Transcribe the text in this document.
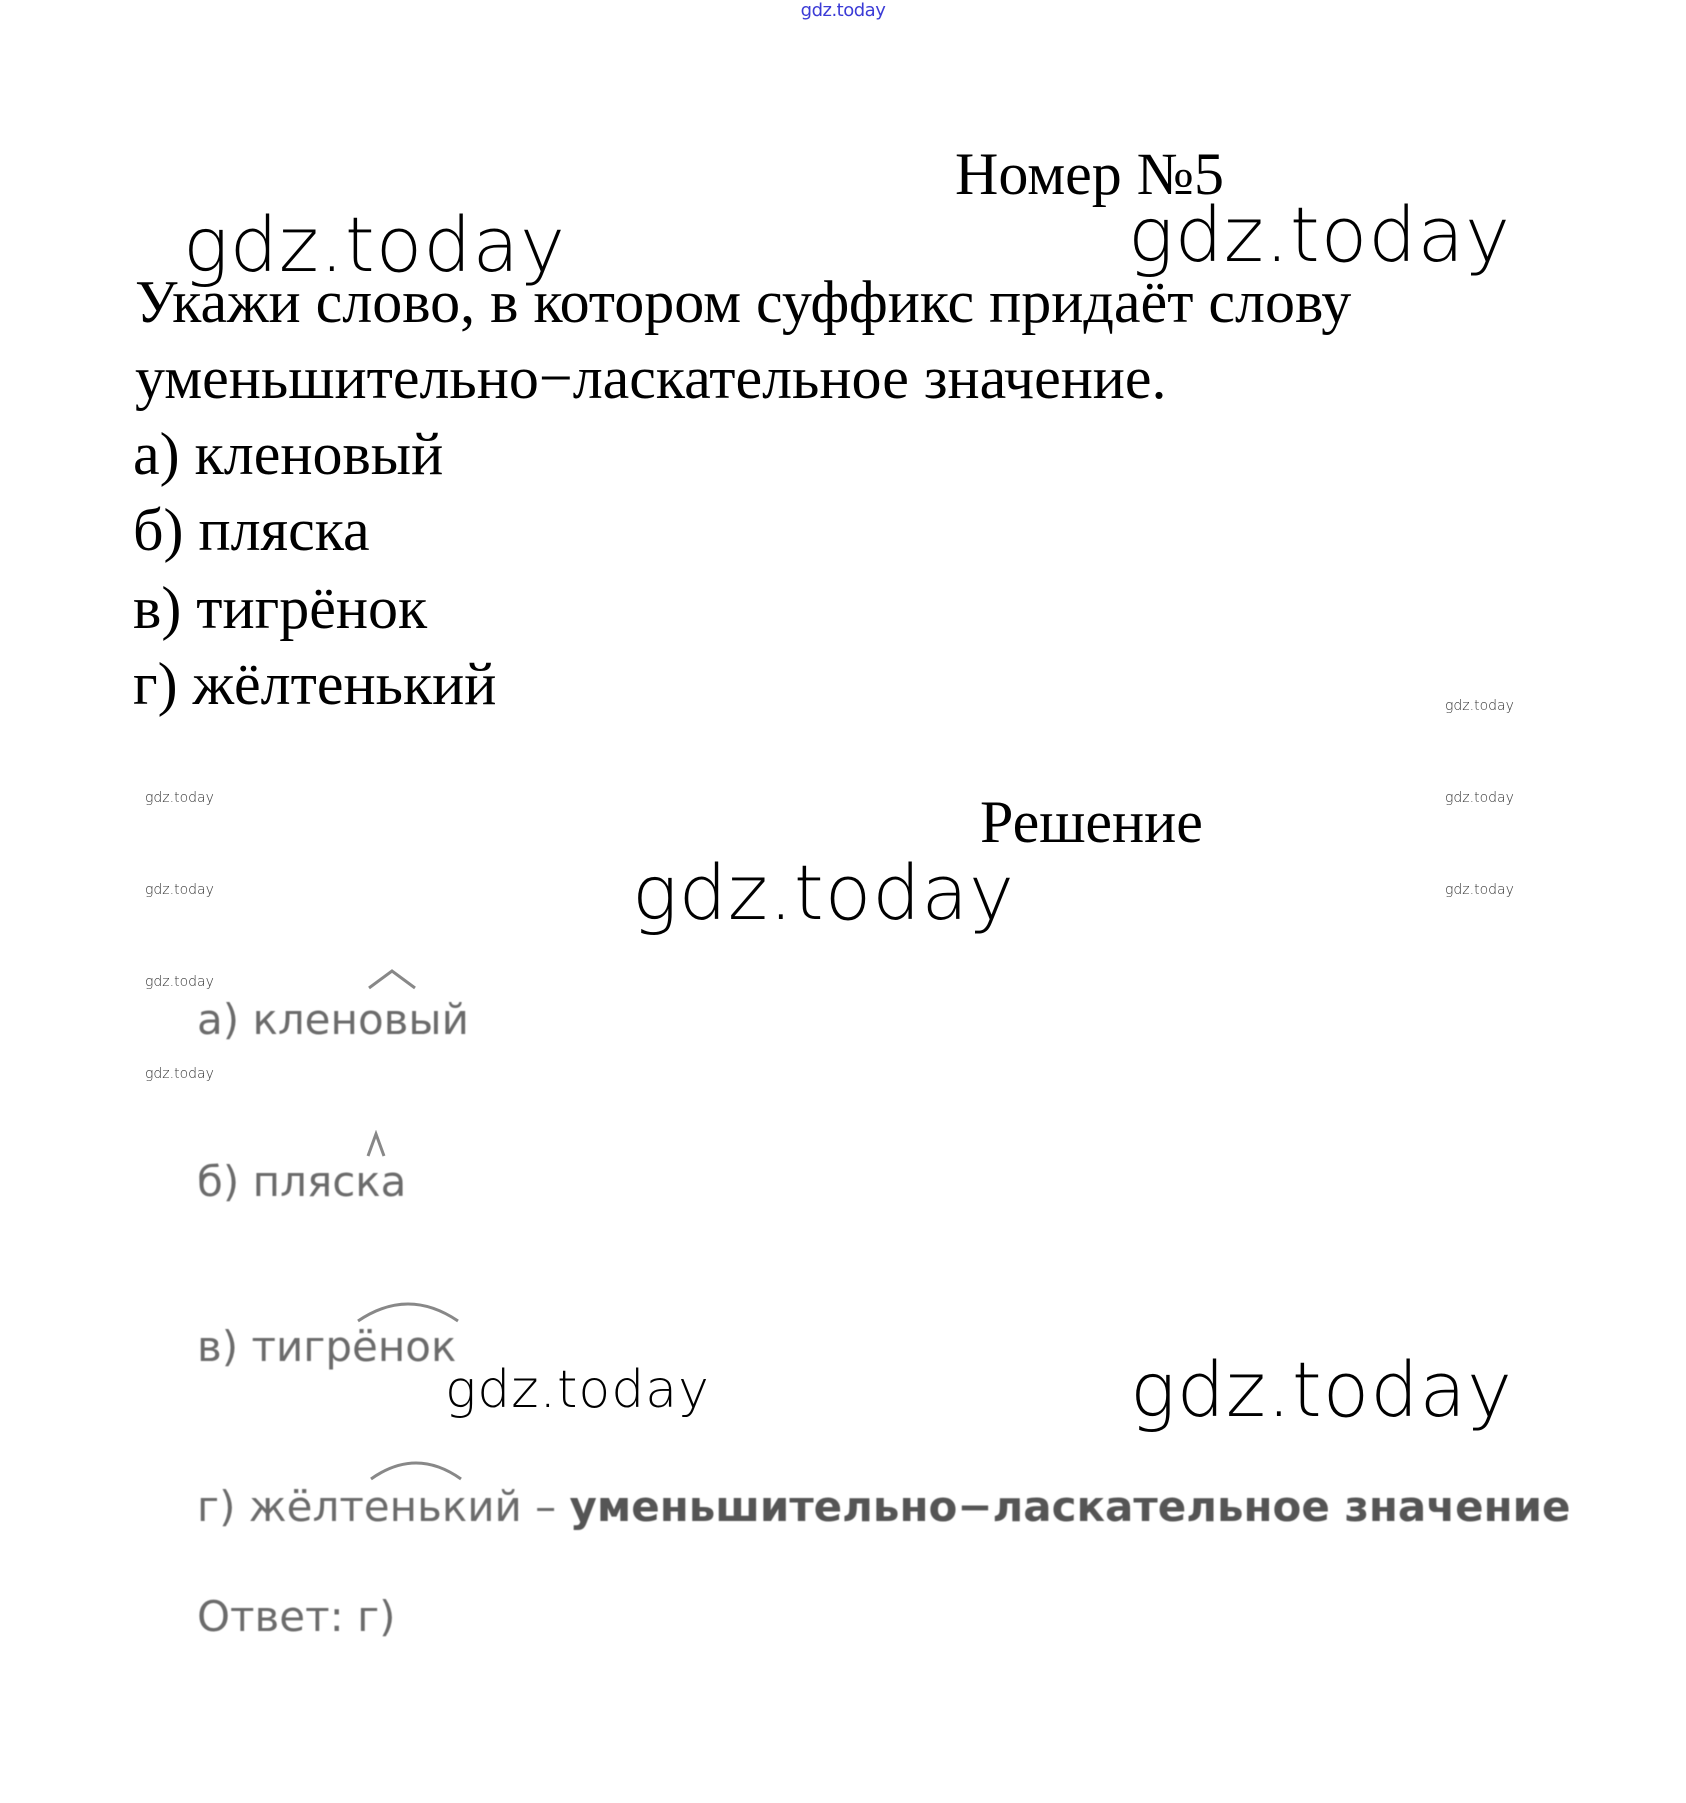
gdz.today
Номер №5
gdz.today	gdz.today
Укажи слово, в котором суффикс придаёт слову
уменьшительно−ласкательное значение.
а) кленовый
б) пляска
в) тигрёнок
г) жёлтенький	gdz.today
gdz.today	gdz.today
gdz.today	gdz.today
gdz.today
gdz.today
Решение
gdz.today
а) кленовый
б) пляска
в) тигрёнок
gdz.today	gdz.today
г) жёлтенький – уменьшительно−ласкательное значение
Ответ: г)
